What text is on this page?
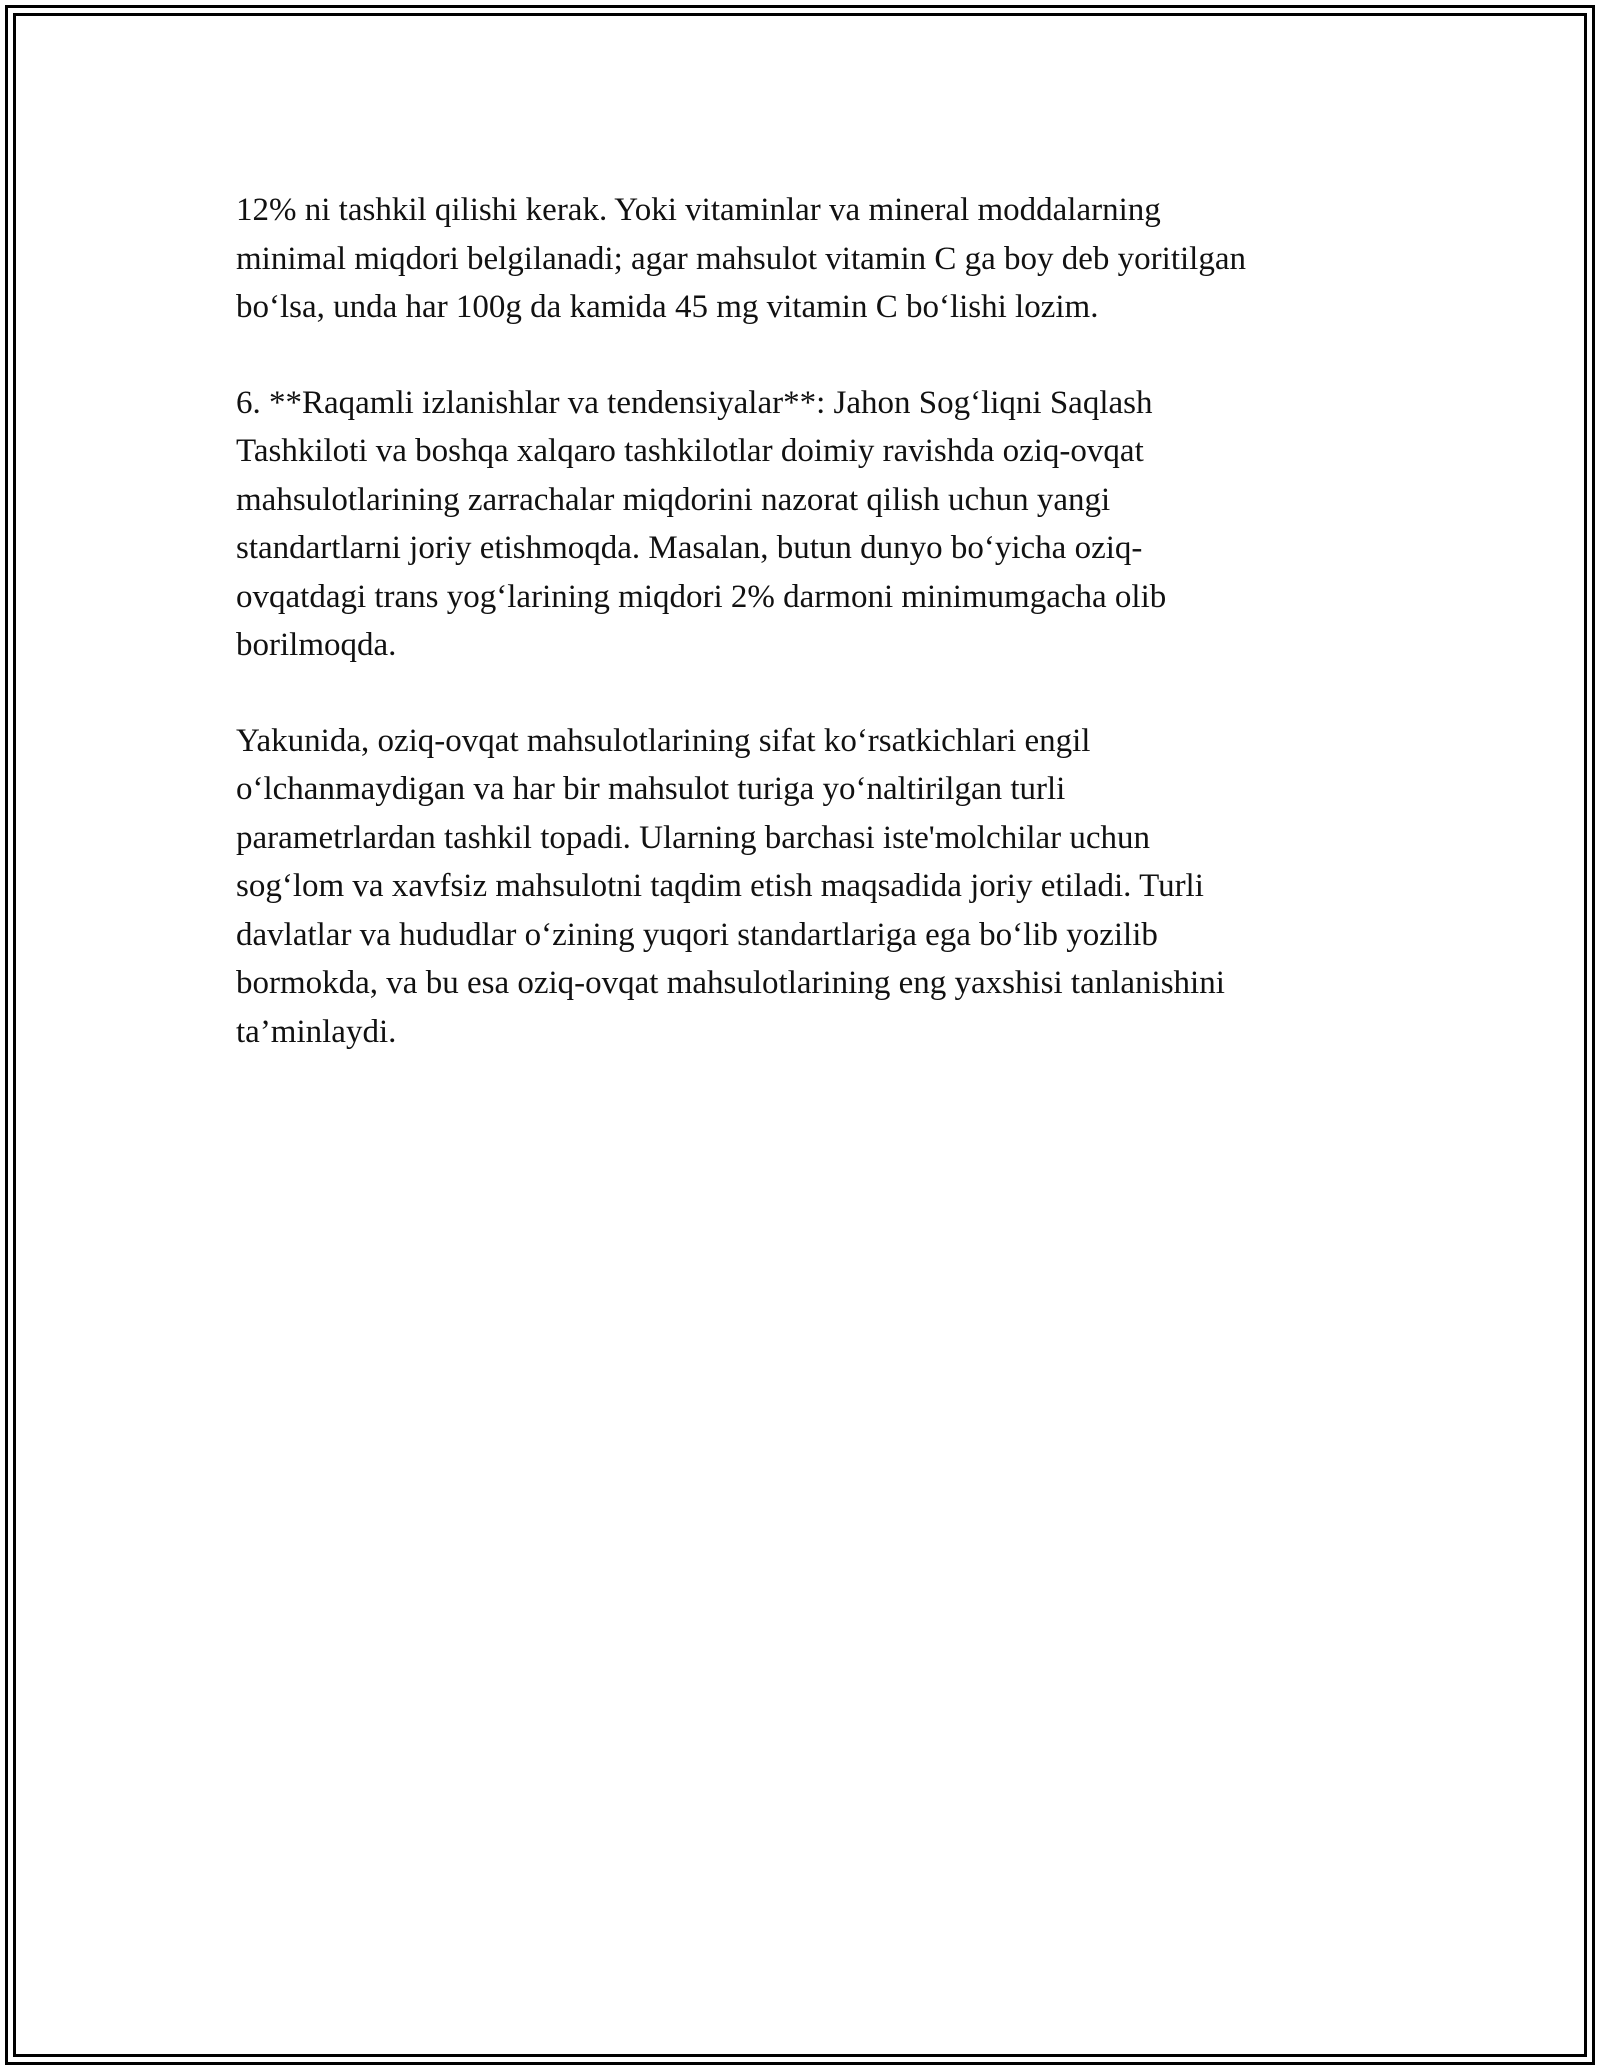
12% ni tashkil qilishi kerak. Yoki vitaminlar va mineral moddalarning
minimal miqdori belgilanadi; agar mahsulot vitamin C ga boy deb yoritilgan
bo‘lsa, unda har 100g da kamida 45 mg vitamin C bo‘lishi lozim.

6. **Raqamli izlanishlar va tendensiyalar**: Jahon Sog‘liqni Saqlash
Tashkiloti va boshqa xalqaro tashkilotlar doimiy ravishda oziq-ovqat
mahsulotlarining zarrachalar miqdorini nazorat qilish uchun yangi
standartlarni joriy etishmoqda. Masalan, butun dunyo bo‘yicha oziq-
ovqatdagi trans yog‘larining miqdori 2% darmoni minimumgacha olib
borilmoqda.

Yakunida, oziq-ovqat mahsulotlarining sifat ko‘rsatkichlari engil
o‘lchanmaydigan va har bir mahsulot turiga yo‘naltirilgan turli
parametrlardan tashkil topadi. Ularning barchasi iste'molchilar uchun
sog‘lom va xavfsiz mahsulotni taqdim etish maqsadida joriy etiladi. Turli
davlatlar va hududlar o‘zining yuqori standartlariga ega bo‘lib yozilib
bormokda, va bu esa oziq-ovqat mahsulotlarining eng yaxshisi tanlanishini
ta’minlaydi.
